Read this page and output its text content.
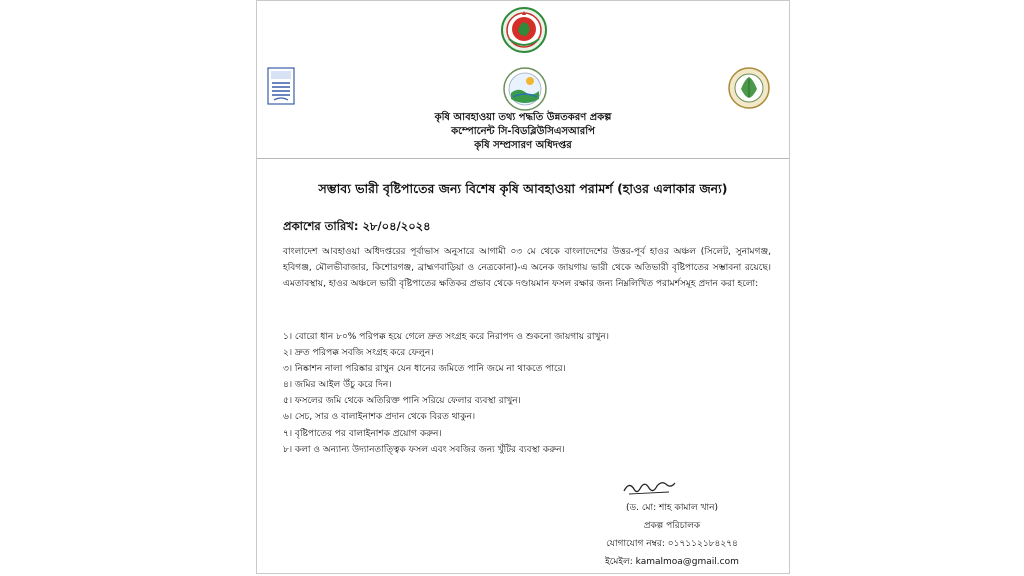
কৃষি আবহাওয়া তথ্য পদ্ধতি উন্নতকরণ প্রকল্প
কম্পোনেন্ট সি-বিডব্লিউসিএসআরপি
কৃষি সম্প্রসারণ অধিদপ্তর
সম্ভাব্য ভারী বৃষ্টিপাতের জন্য বিশেষ কৃষি আবহাওয়া পরামর্শ (হাওর এলাকার জন্য)
প্রকাশের তারিখ: ২৮/০৪/২০২৪
বাংলাদেশ আবহাওয়া অধিদপ্তরের পূর্বাভাস অনুসারে আগামী ০৩ মে থেকে বাংলাদেশের উত্তর-পূর্ব হাওর অঞ্চল (সিলেট, সুনামগঞ্জ, হবিগঞ্জ, মৌলভীবাজার, কিশোরগঞ্জ, ব্রাহ্মণবাড়িয়া ও নেত্রকোনা)-এ অনেক জায়গায় ভারী থেকে অতিভারী বৃষ্টিপাতের সম্ভাবনা রয়েছে। এমতাবস্থায়, হাওর অঞ্চলে ভারী বৃষ্টিপাতের ক্ষতিকর প্রভাব থেকে দণ্ডায়মান ফসল রক্ষার জন্য নিম্নলিখিত পরামর্শসমূহ প্রদান করা হলো:
১। বোরো ধান ৮০% পরিপক্ক হয়ে গেলে দ্রুত সংগ্রহ করে নিরাপদ ও শুকনো জায়গায় রাখুন।
২। দ্রুত পরিপক্ক সবজি সংগ্রহ করে ফেলুন।
৩। নিষ্কাশন নালা পরিষ্কার রাখুন যেন ধানের জমিতে পানি জমে না থাকতে পারে।
৪। জমির আইল উঁচু করে দিন।
৫। ফসলের জমি থেকে অতিরিক্ত পানি সরিয়ে ফেলার ব্যবস্থা রাখুন।
৬। সেচ, সার ও বালাইনাশক প্রদান থেকে বিরত থাকুন।
৭। বৃষ্টিপাতের পর বালাইনাশক প্রয়োগ করুন।
৮। কলা ও অন্যান্য উদ্যানতাত্ত্বিক ফসল এবং সবজির জন্য খুঁটির ব্যবস্থা করুন।
(ড. মো: শাহ কামাল খান)
প্রকল্প পরিচালক
যোগাযোগ নম্বর: ০১৭১১২১৮৪২৭৪
ইমেইল: kamalmoa@gmail.com
